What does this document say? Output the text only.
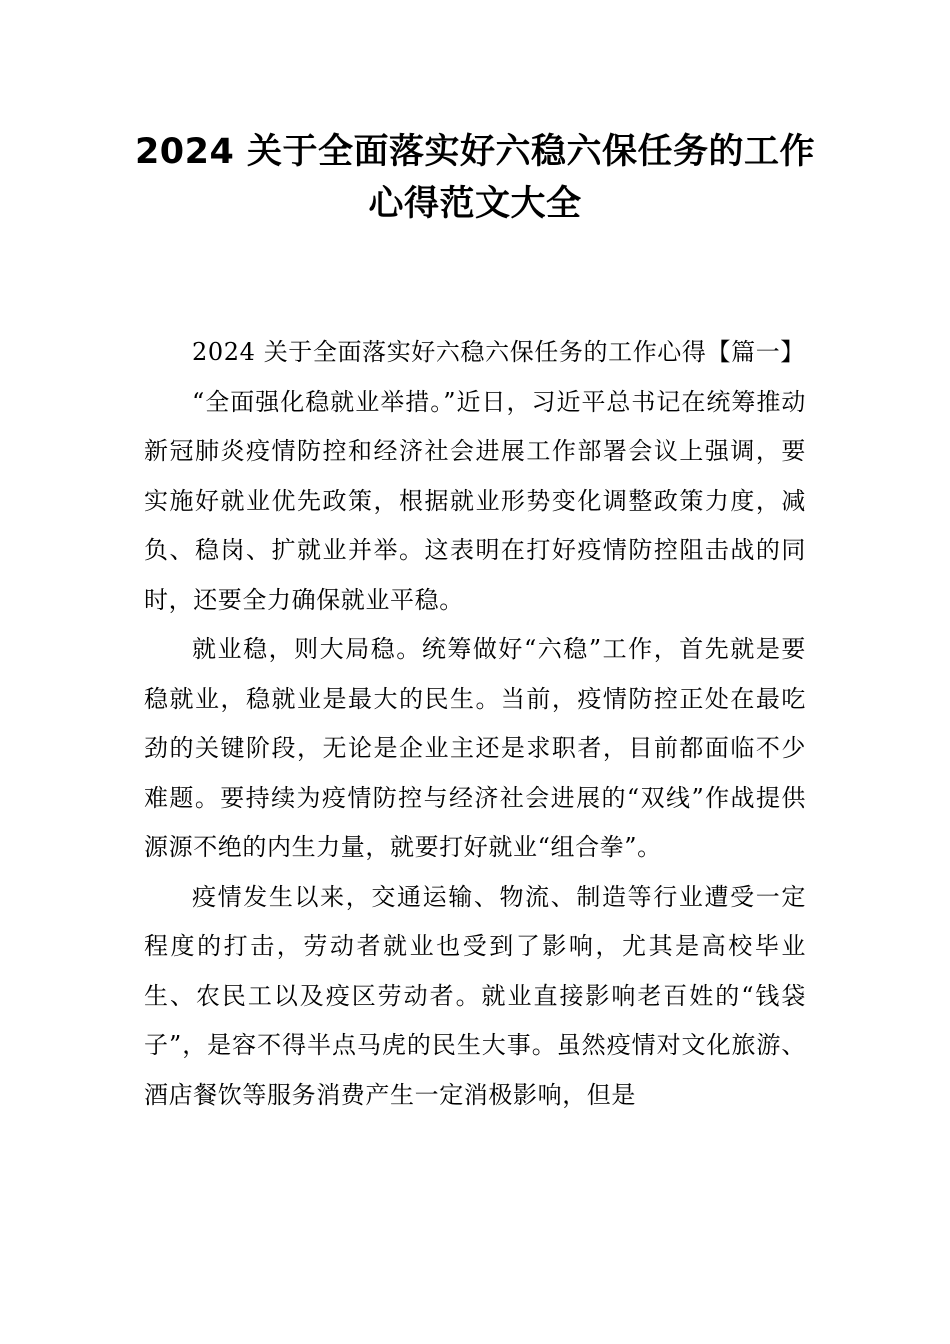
2024 关于全面落实好六稳六保任务的工作心得范文大全

2024 关于全面落实好六稳六保任务的工作心得【篇一】

“全面强化稳就业举措。”近日，习近平总书记在统筹推动新冠肺炎疫情防控和经济社会进展工作部署会议上强调，要实施好就业优先政策，根据就业形势变化调整政策力度，减负、稳岗、扩就业并举。这表明在打好疫情防控阻击战的同时，还要全力确保就业平稳。

就业稳，则大局稳。统筹做好“六稳”工作，首先就是要稳就业，稳就业是最大的民生。当前，疫情防控正处在最吃劲的关键阶段，无论是企业主还是求职者，目前都面临不少难题。要持续为疫情防控与经济社会进展的“双线”作战提供源源不绝的内生力量，就要打好就业“组合拳”。

疫情发生以来，交通运输、物流、制造等行业遭受一定程度的打击，劳动者就业也受到了影响，尤其是高校毕业生、农民工以及疫区劳动者。就业直接影响老百姓的“钱袋子”，是容不得半点马虎的民生大事。虽然疫情对文化旅游、酒店餐饮等服务消费产生一定消极影响，但是
